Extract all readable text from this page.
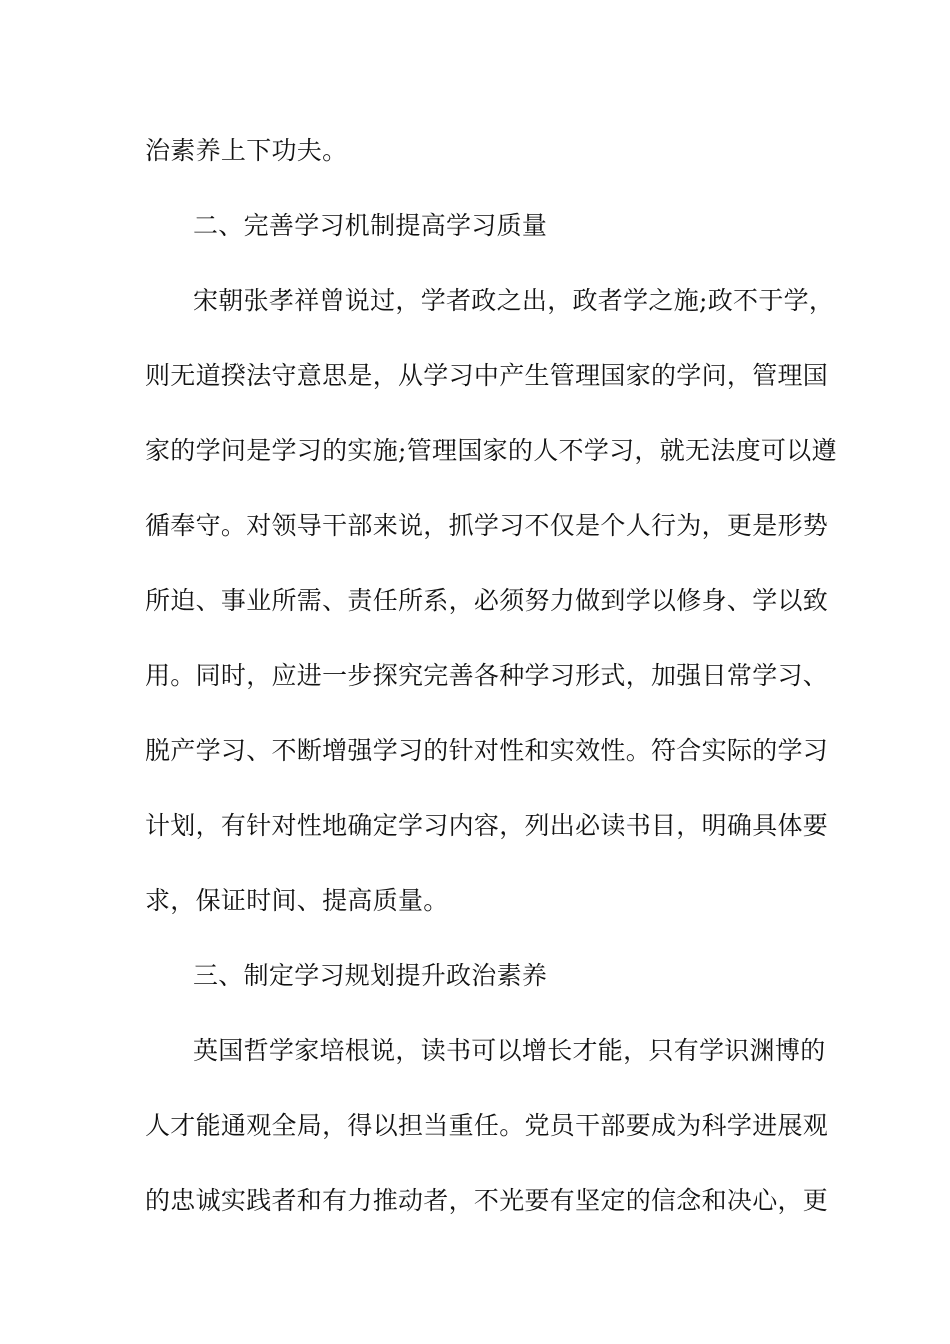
治素养上下功夫。
二、完善学习机制提高学习质量
宋朝张孝祥曾说过，学者政之出，政者学之施;政不于学，
则无道揆法守意思是，从学习中产生管理国家的学问，管理国
家的学问是学习的实施;管理国家的人不学习，就无法度可以遵
循奉守。对领导干部来说，抓学习不仅是个人行为，更是形势
所迫、事业所需、责任所系，必须努力做到学以修身、学以致
用。同时，应进一步探究完善各种学习形式，加强日常学习、
脱产学习、不断增强学习的针对性和实效性。符合实际的学习
计划，有针对性地确定学习内容，列出必读书目，明确具体要
求，保证时间、提高质量。
三、制定学习规划提升政治素养
英国哲学家培根说，读书可以增长才能，只有学识渊博的
人才能通观全局，得以担当重任。党员干部要成为科学进展观
的忠诚实践者和有力推动者，不光要有坚定的信念和决心，更
